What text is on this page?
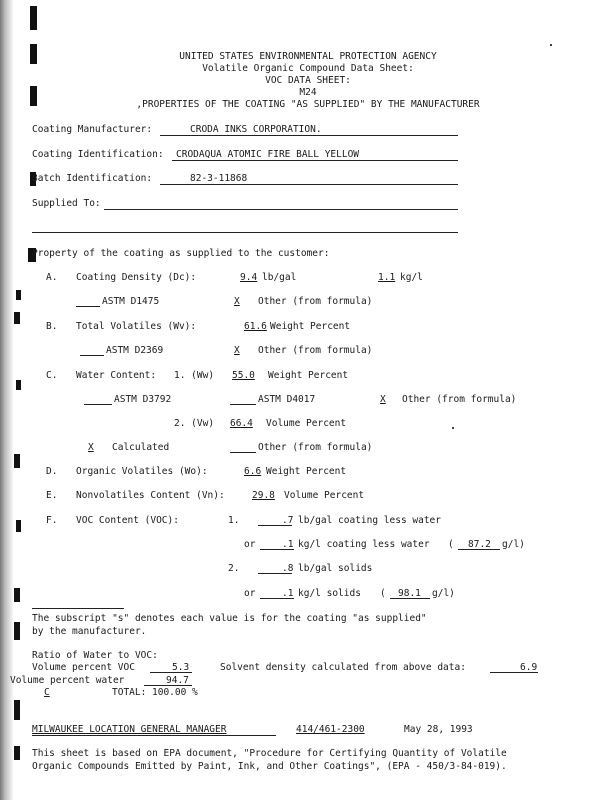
UNITED STATES ENVIRONMENTAL PROTECTION AGENCY
Volatile Organic Compound Data Sheet:
VOC DATA SHEET:
M24
,PROPERTIES OF THE COATING "AS SUPPLIED" BY THE MANUFACTURER
Coating Manufacturer:	CRODA INKS CORPORATION.
Coating Identification: CRODAQUA ATOMIC FIRE BALL YELLOW
Batch Identification:	82-3-11868
Supplied To:
Property of the coating as supplied to the customer:
A. Coating Density (Dc):	9.4 lb/gal	1.1 kg/l
ASTM D1475	X Other (from formula)
B. Total Volatiles (Wv):	61.6 Weight Percent
ASTM D2369	X Other (from formula)
C. Water Content: 1. (Ww) 55.0 Weight Percent
ASTM D3792	ASTM D4017	X Other (from formula)
2. (Vw) 66.4 Volume Percent
X Calculated	Other (from formula)
D. Organic Volatiles (Wo):	6.6 Weight Percent
E. Nonvolatiles Content (Vn):	29.8 Volume Percent
F. VOC Content (VOC):	1.	.7 lb/gal coating less water
or	.1 kg/l coating less water ( 87.2 g/l)
2.	.8 lb/gal solids
or	.1 kg/l solids ( 98.1 g/l)
The subscript "s" denotes each value is for the coating "as supplied"
by the manufacturer.
Ratio of Water to VOC:
Volume percent VOC	5.3	Solvent density calculated from above data:	6.9
Volume percent water	94.7
C	TOTAL: 100.00 %
MILWAUKEE LOCATION GENERAL MANAGER	414/461-2300	May 28, 1993
This sheet is based on EPA document, "Procedure for Certifying Quantity of Volatile
Organic Compounds Emitted by Paint, Ink, and Other Coatings", (EPA - 450/3-84-019).
